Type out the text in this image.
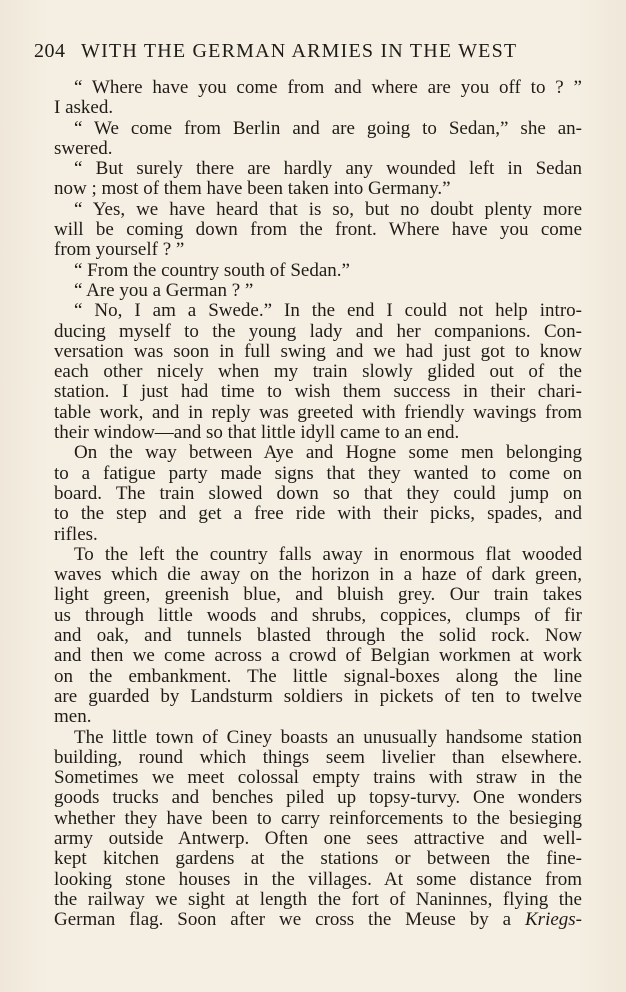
204 WITH THE GERMAN ARMIES IN THE WEST
“ Where have you come from and where are you off to ? ”
I asked.
“ We come from Berlin and are going to Sedan,” she an-
swered.
“ But surely there are hardly any wounded left in Sedan
now ; most of them have been taken into Germany.”
“ Yes, we have heard that is so, but no doubt plenty more
will be coming down from the front. Where have you come
from yourself ? ”
“ From the country south of Sedan.”
“ Are you a German ? ”
“ No, I am a Swede.” In the end I could not help intro-
ducing myself to the young lady and her companions. Con-
versation was soon in full swing and we had just got to know
each other nicely when my train slowly glided out of the
station. I just had time to wish them success in their chari-
table work, and in reply was greeted with friendly wavings from
their window—and so that little idyll came to an end.
On the way between Aye and Hogne some men belonging
to a fatigue party made signs that they wanted to come on
board. The train slowed down so that they could jump on
to the step and get a free ride with their picks, spades, and
rifles.
To the left the country falls away in enormous flat wooded
waves which die away on the horizon in a haze of dark green,
light green, greenish blue, and bluish grey. Our train takes
us through little woods and shrubs, coppices, clumps of fir
and oak, and tunnels blasted through the solid rock. Now
and then we come across a crowd of Belgian workmen at work
on the embankment. The little signal-boxes along the line
are guarded by Landsturm soldiers in pickets of ten to twelve
men.
The little town of Ciney boasts an unusually handsome station
building, round which things seem livelier than elsewhere.
Sometimes we meet colossal empty trains with straw in the
goods trucks and benches piled up topsy-turvy. One wonders
whether they have been to carry reinforcements to the besieging
army outside Antwerp. Often one sees attractive and well-
kept kitchen gardens at the stations or between the fine-
looking stone houses in the villages. At some distance from
the railway we sight at length the fort of Naninnes, flying the
German flag. Soon after we cross the Meuse by a Kriegs-
